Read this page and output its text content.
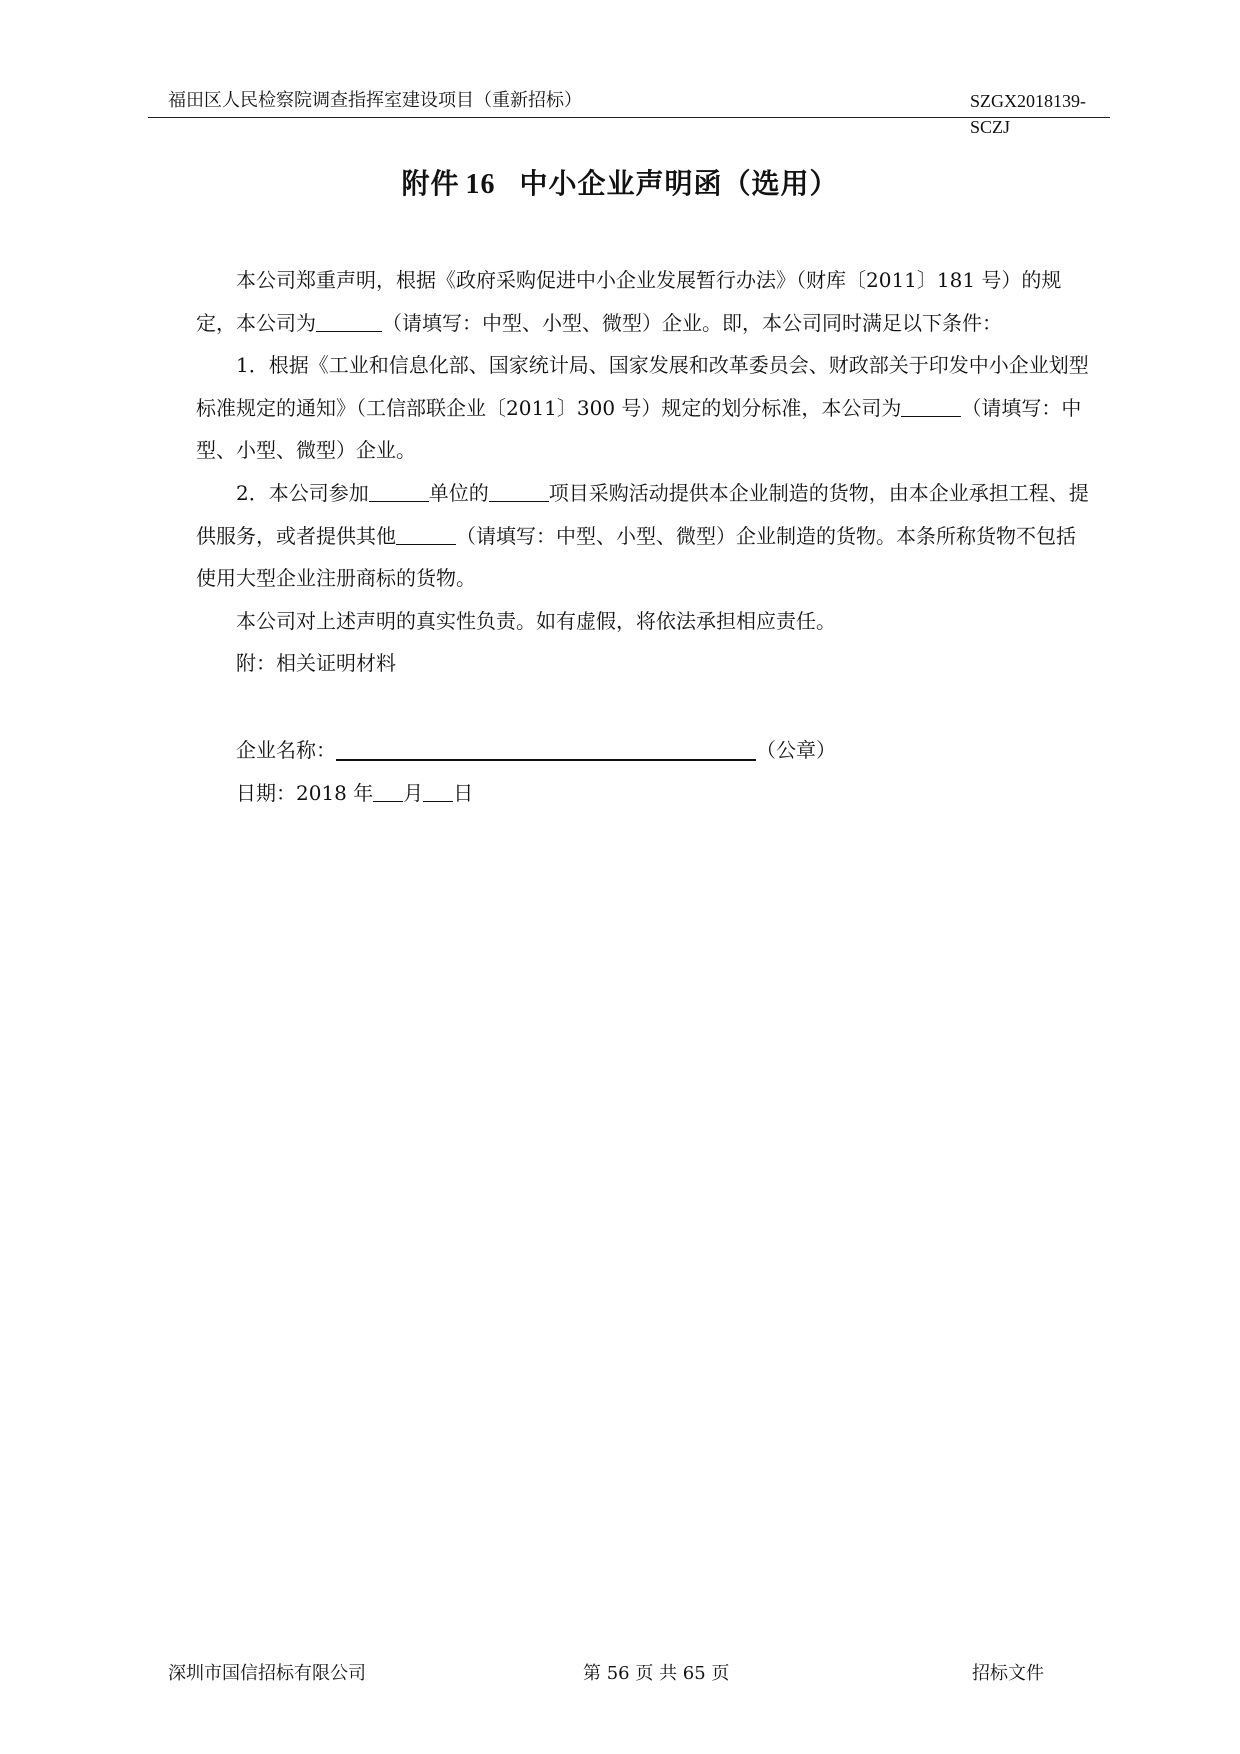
福田区人民检察院调查指挥室建设项目（重新招标）	SZGX2018139-SCZJ
附件 16 中小企业声明函（选用）

本公司郑重声明，根据《政府采购促进中小企业发展暂行办法》（财库〔2011〕181 号）的规定，本公司为	（请填写：中型、小型、微型）企业。即，本公司同时满足以下条件：

1．根据《工业和信息化部、国家统计局、国家发展和改革委员会、财政部关于印发中小企业划型标准规定的通知》（工信部联企业〔2011〕300 号）规定的划分标准，本公司为	（请填写：中型、小型、微型）企业。

2．本公司参加	单位的	项目采购活动提供本企业制造的货物，由本企业承担工程、提供服务，或者提供其他	（请填写：中型、小型、微型）企业制造的货物。本条所称货物不包括使用大型企业注册商标的货物。

本公司对上述声明的真实性负责。如有虚假，将依法承担相应责任。

附：相关证明材料

企业名称：	（公章）
日期：2018 年 月 日
深圳市国信招标有限公司	第 56 页 共 65 页	招标文件
